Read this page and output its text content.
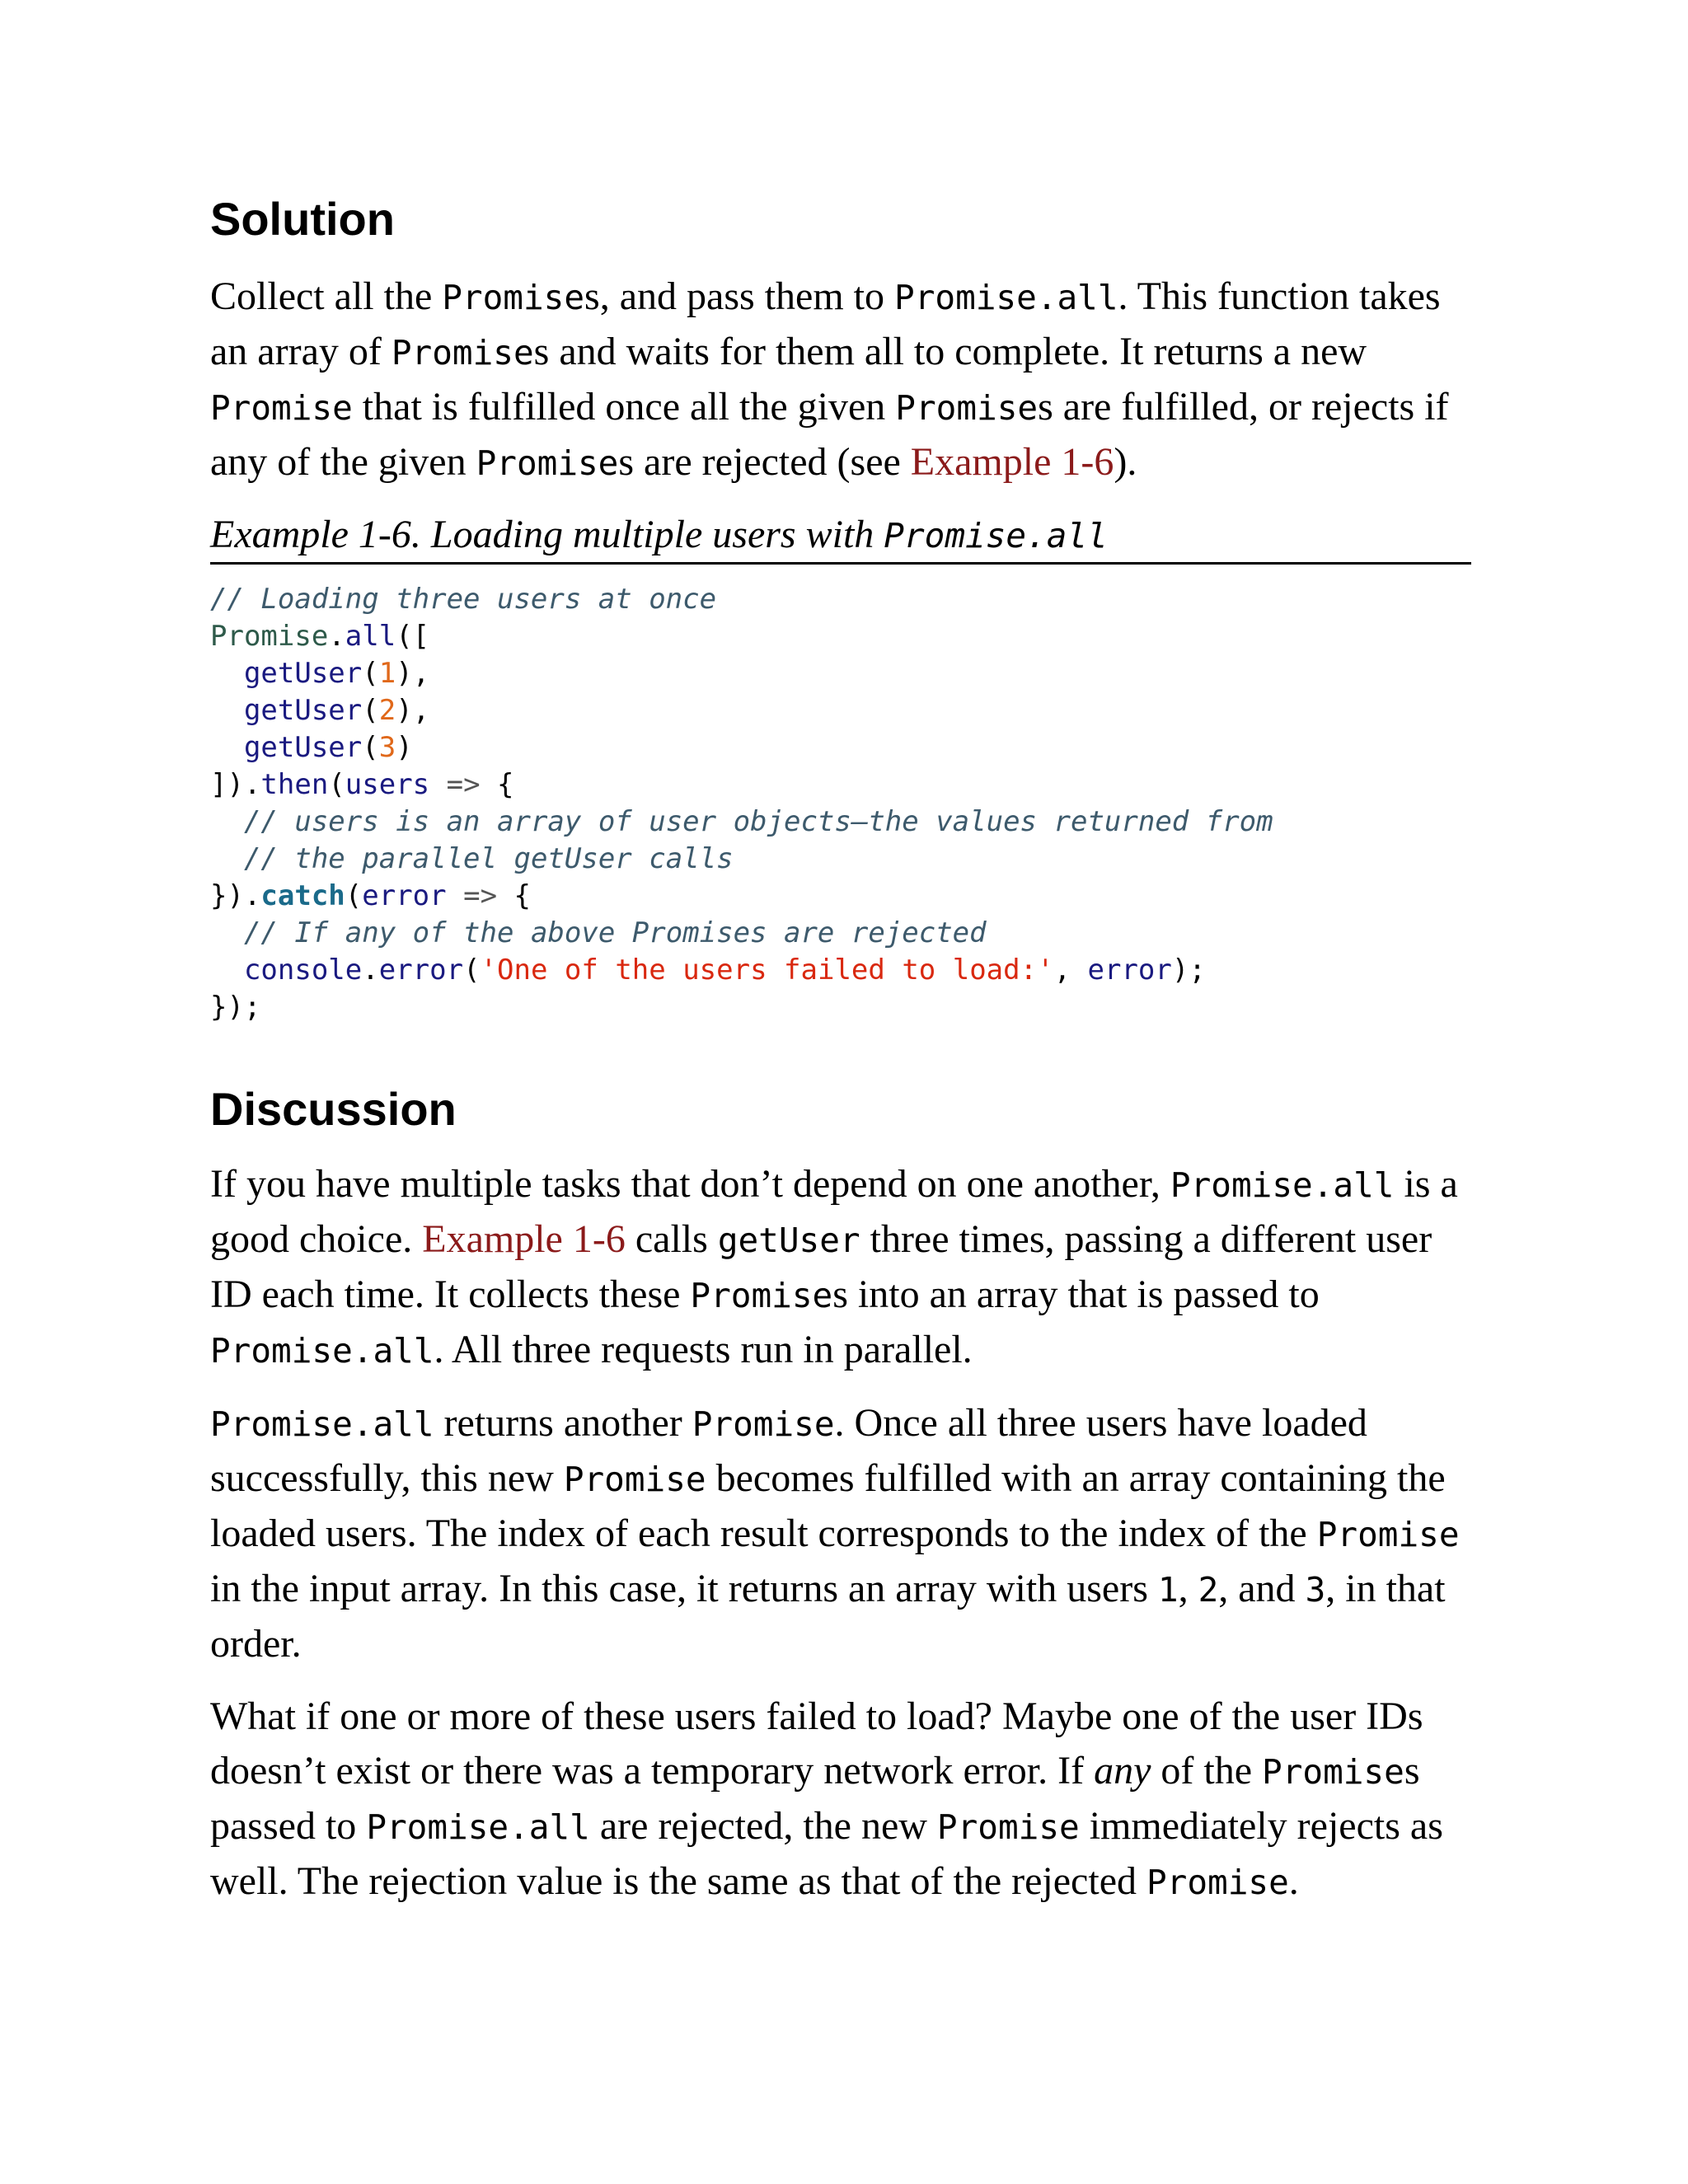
Solution

Collect all the Promises, and pass them to Promise.all. This function takes an array of Promises and waits for them all to complete. It returns a new Promise that is fulfilled once all the given Promises are fulfilled, or rejects if any of the given Promises are rejected (see Example 1-6).

Example 1-6. Loading multiple users with Promise.all
// Loading three users at once
Promise.all([
getUser(1),
getUser(2),
getUser(3)
]).then(users => {
// users is an array of user objects—the values returned from
// the parallel getUser calls
}).catch(error => {
// If any of the above Promises are rejected
console.error('One of the users failed to load:', error);
});
Discussion

If you have multiple tasks that don’t depend on one another, Promise.all is a good choice. Example 1-6 calls getUser three times, passing a different user ID each time. It collects these Promises into an array that is passed to Promise.all. All three requests run in parallel.

Promise.all returns another Promise. Once all three users have loaded successfully, this new Promise becomes fulfilled with an array containing the loaded users. The index of each result corresponds to the index of the Promise in the input array. In this case, it returns an array with users 1, 2, and 3, in that order.

What if one or more of these users failed to load? Maybe one of the user IDs doesn’t exist or there was a temporary network error. If any of the Promises passed to Promise.all are rejected, the new Promise immediately rejects as well. The rejection value is the same as that of the rejected Promise.
